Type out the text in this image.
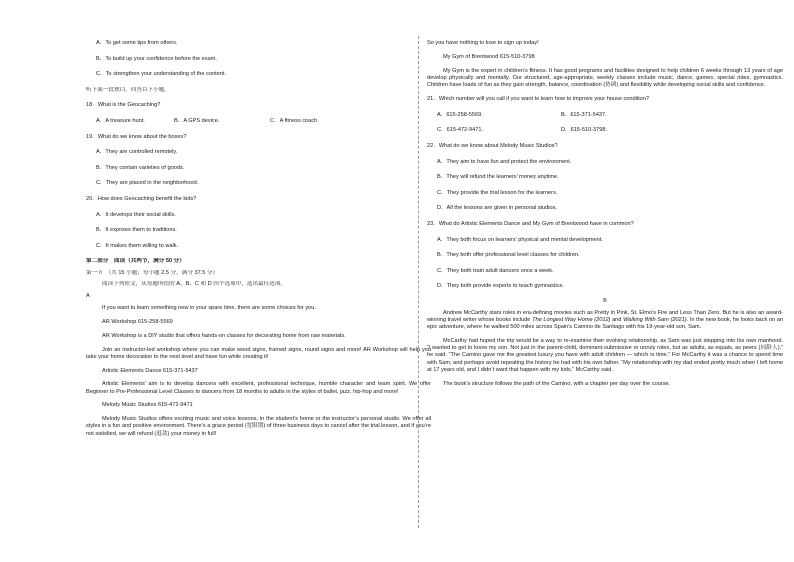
A．To get some tips from others.

B．To build up your confidence before the exam.

C．To strengthen your understanding of the content.

听下面一段独白，回答以下小题。

18．What is the Geocaching?

A．A treasure hunt.	B．A GPS device.	C．A fitness coach.

19．What do we know about the boxes?

A．They are controlled remotely.

B．They contain varieties of goods.

C．They are placed in the neighborhood.

20．How does Geocaching benefit the kids?

A．It develops their social skills.

B．It exposes them to traditions.

C．It makes them willing to walk.

第二部分　阅读（共两节，满分 50 分）

第一节　（共 15 小题；每小题 2.5 分，满分 37.5 分）

阅读下列短文，从每题所给的 A、B、C 和 D 四个选项中，选出最佳选项。

A

If you want to learn something new in your spare time, there are some choices for you.

AR Workshop 615-258-5569

AR Workshop is a DIY studio that offers hands-on classes for decorating home from raw materials.

Join an instructor-led workshop where you can make wood signs, framed signs, round signs and more! AR Workshop will help you take your home decoration to the next level and have fun while creating it!

Artistic Elements Dance 615-371-5437

Artistic Elements’ aim is to develop dancers with excellent, professional technique, humble character and team spirit. We offer Beginner to Pre-Professional Level Classes to dancers from 18 months to adults in the styles of ballet, jazz, hip-hop and more!

Melody Music Studios 615-472-9471

Melody Music Studios offers exciting music and voice lessons, in the student’s home or the instructor’s personal studio. We offer all styles in a fun and positive environment. There’s a grace period (宽限期) of three business days to cancel after the trial lesson, and if you’re not satisfied, we will refund (退款) your money in full!

So you have nothing to lose to sign up today!

My Gym of Brentwood 615-510-3798

My Gym is the expert in children’s fitness. It has good programs and facilities designed to help children 6 weeks through 13 years of age develop physically and mentally. Our structured, age-appropriate, weekly classes include music, dance, games, special rides, gymnastics. Children have loads of fun as they gain strength, balance, coordination (协调) and flexibility while developing social skills and confidence.

21．Which number will you call if you want to learn how to improve your house condition?

A．615-258-5569.	B．615-371-5437.
C．615-472-9471.	D．615-510-3798.

22．What do we know about Melody Music Studios?

A．They aim to have fun and protect the environment.

B．They will refund the learners’ money anytime.

C．They provide the trial lesson for the learners.

D．All the lessons are given in personal studios.

23．What do Artistic Elements Dance and My Gym of Brentwood have in common?

A．They both focus on learners’ physical and mental development.

B．They both offer professional level classes for children.

C．They both train adult dancers once a week.

D．They both provide experts to teach gymnastics.

B

Andrew McCarthy stars roles in era-defining movies such as Pretty in Pink, St. Elmo’s Fire and Less Than Zero. But he is also an award-winning travel writer whose books include The Longest Way Home (2012) and Walking With Sam (2021). In the new book, he looks back on an epic adventure, where he walked 500 miles across Spain’s Camino de Santiago with his 19-year-old son, Sam.

McCarthy had hoped the trip would be a way to re-examine their evolving relationship, as Sam was just stepping into his own manhood. “I wanted to get to know my son. Not just in the parent-child, dominant-submissive or unruly roles, but as adults, as equals, as peers (同龄人),” he said. “The Camino gave me the greatest luxury you have with adult children — which is time.” For McCarthy it was a chance to spend time with Sam, and perhaps avoid repeating the history he had with his own father. “My relationship with my dad ended pretty much when I left home at 17 years old, and I didn’t want that happen with my kids,” McCarthy said.

The book’s structure follows the path of the Camino, with a chapter per day over the course.
